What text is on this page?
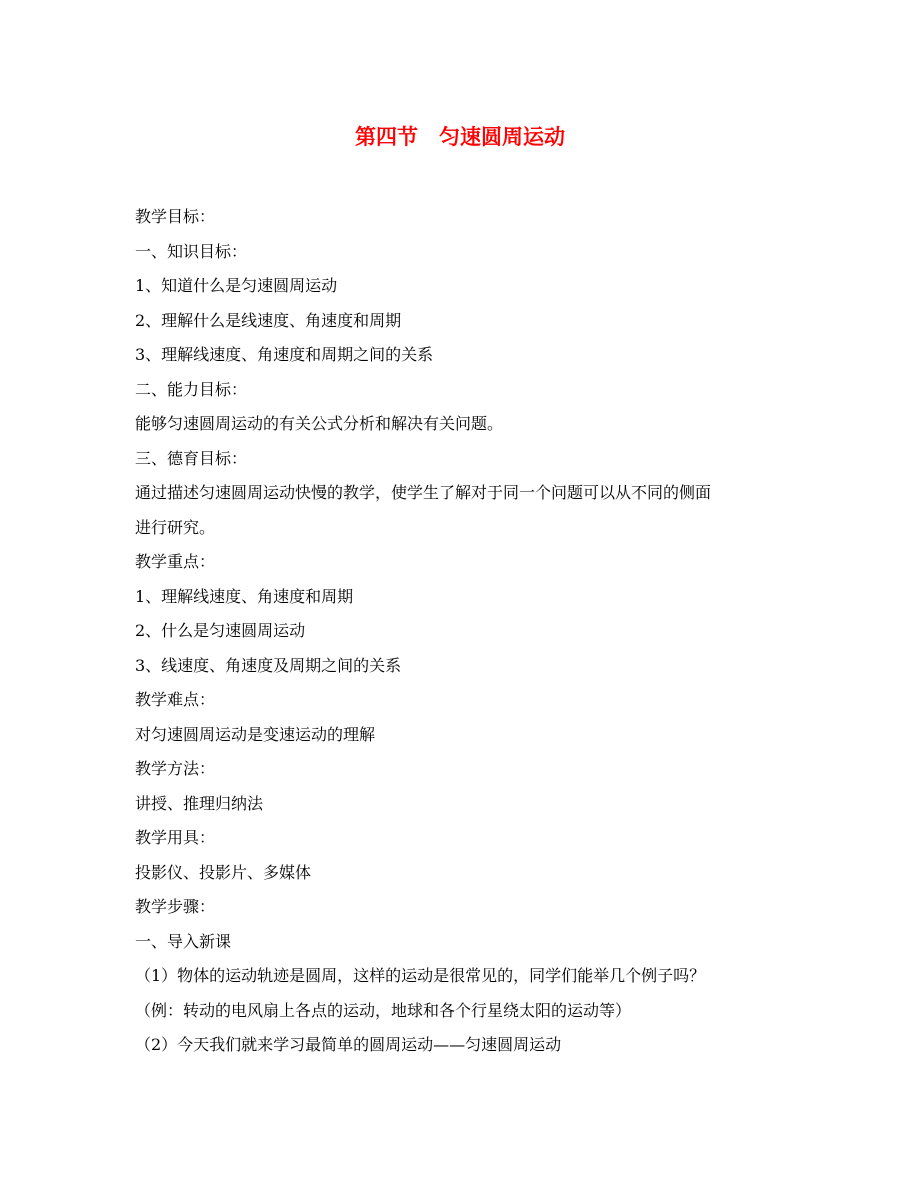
第四节　匀速圆周运动
教学目标：
一、知识目标：
1、知道什么是匀速圆周运动
2、理解什么是线速度、角速度和周期
3、理解线速度、角速度和周期之间的关系
二、能力目标：
能够匀速圆周运动的有关公式分析和解决有关问题。
三、德育目标：
通过描述匀速圆周运动快慢的教学，使学生了解对于同一个问题可以从不同的侧面
进行研究。
教学重点：
1、理解线速度、角速度和周期
2、什么是匀速圆周运动
3、线速度、角速度及周期之间的关系
教学难点：
对匀速圆周运动是变速运动的理解
教学方法：
讲授、推理归纳法
教学用具：
投影仪、投影片、多媒体
教学步骤：
一、导入新课
（1）物体的运动轨迹是圆周，这样的运动是很常见的，同学们能举几个例子吗？
（例：转动的电风扇上各点的运动，地球和各个行星绕太阳的运动等）
（2）今天我们就来学习最简单的圆周运动——匀速圆周运动
